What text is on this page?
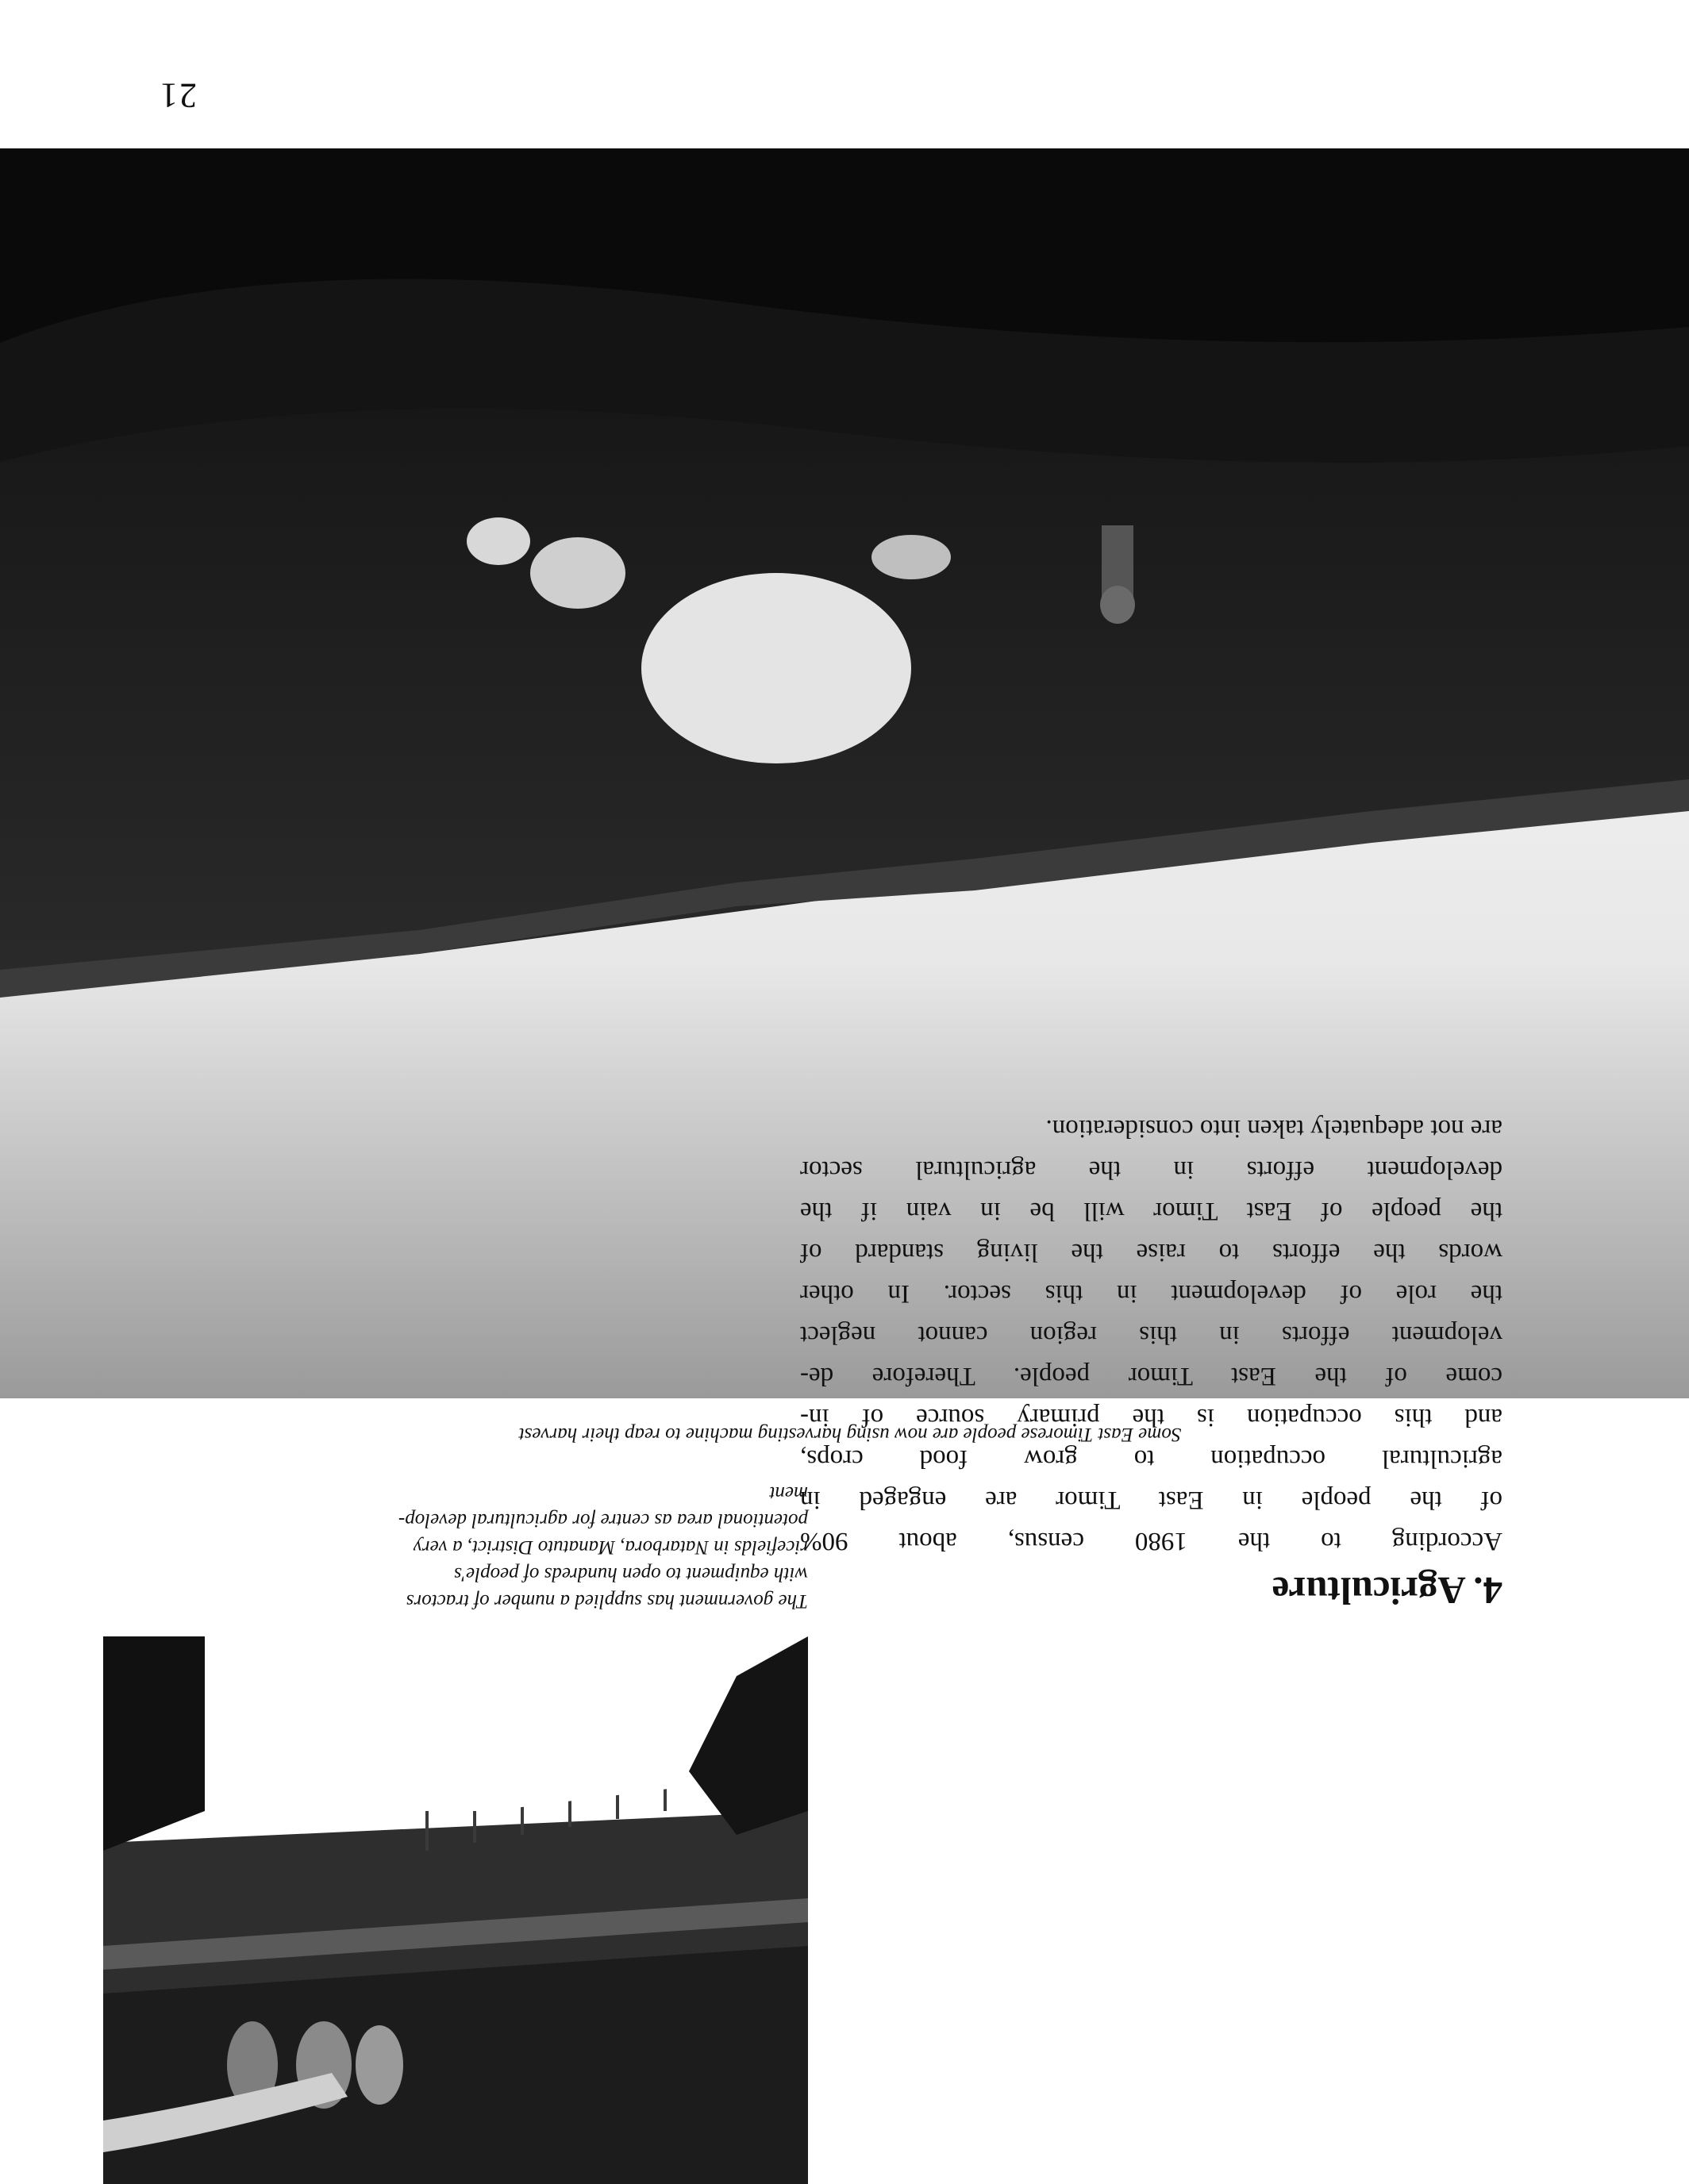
Some East Timorese people are now using harvesting machine to reap their harvest
4. Agriculture

According to the 1980 census, about 90%
of the people in East Timor are engaged in
agricultural occupation to grow food crops,
and this occupation is the primary source of in-
come of the East Timor people. Therefore de-
velopment efforts in this region cannot neglect
the role of development in this sector. In other
words the efforts to raise the living standard of
the people of East Timor will be in vain if the
development efforts in the agricultural sector
are not adequately taken into consideration.

The government has supplied a number of tractors
with equipment to open hundreds of people's
ricefields in Natarbora, Manatuto District, a very
potentional area as centre for agricultural develop-
ment

21
